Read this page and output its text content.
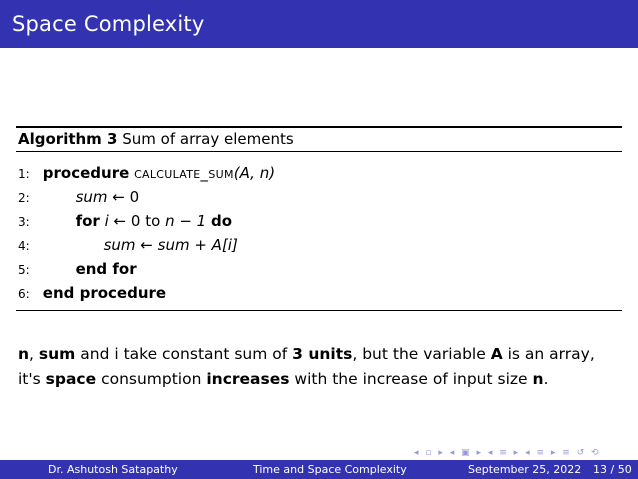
Space Complexity
Algorithm 3 Sum of array elements
1: procedure calculate_sum(A, n)
2:	sum ← 0
3:	for i ← 0 to n − 1 do
4:	sum ← sum + A[i]
5:	end for
6: end procedure
n, sum and i take constant sum of 3 units, but the variable A is an array, it's space consumption increases with the increase of input size n.
◂ ▫ ▸ ◂ ▣ ▸ ◂ ≡ ▸ ◂ ≡ ▸ ≡ ↺ ⟲
Dr. Ashutosh Satapathy	Time and Space Complexity	September 25, 2022 13 / 50
